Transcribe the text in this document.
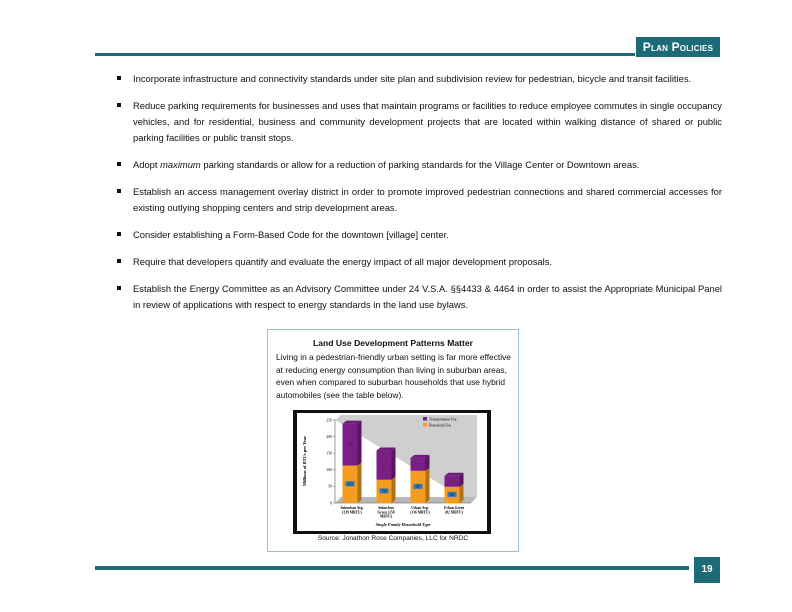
Plan Policies
Incorporate infrastructure and connectivity standards under site plan and subdivision review for pedestrian, bicycle and transit facilities.
Reduce parking requirements for businesses and uses that maintain programs or facilities to reduce employee commutes in single occupancy vehicles, and for residential, business and community development projects that are located within walking distance of shared or public parking facilities or public transit stops.
Adopt maximum parking standards or allow for a reduction of parking standards for the Village Center or Downtown areas.
Establish an access management overlay district in order to promote improved pedestrian connections and shared commercial accesses for existing outlying shopping centers and strip development areas.
Consider establishing a Form-Based Code for the downtown [village] center.
Require that developers quantify and evaluate the energy impact of all major development proposals.
Establish the Energy Committee as an Advisory Committee under 24 V.S.A. §§4433 & 4464 in order to assist the Appropriate Municipal Panel in review of applications with respect to energy standards in the land use bylaws.
Land Use Development Patterns Matter
Living in a pedestrian-friendly urban setting is far more effective at reducing energy consumption than living in suburban areas, even when compared to suburban households that use hybrid automobiles (see the table below).
0
50
100
150
200
250
113
126
70
88
97
39
49
33
Suburban Avg.
(239 MBTU)
Suburban
Green (158
MBTU)
Urban Avg.
(136 MBTU)
Urban Green
(82 MBTU)
Millions of BTUs per Year
Single Family Household Type
Transportation Use
Household Use
Source: Jonathon Rose Companies, LLC for NRDC
19
